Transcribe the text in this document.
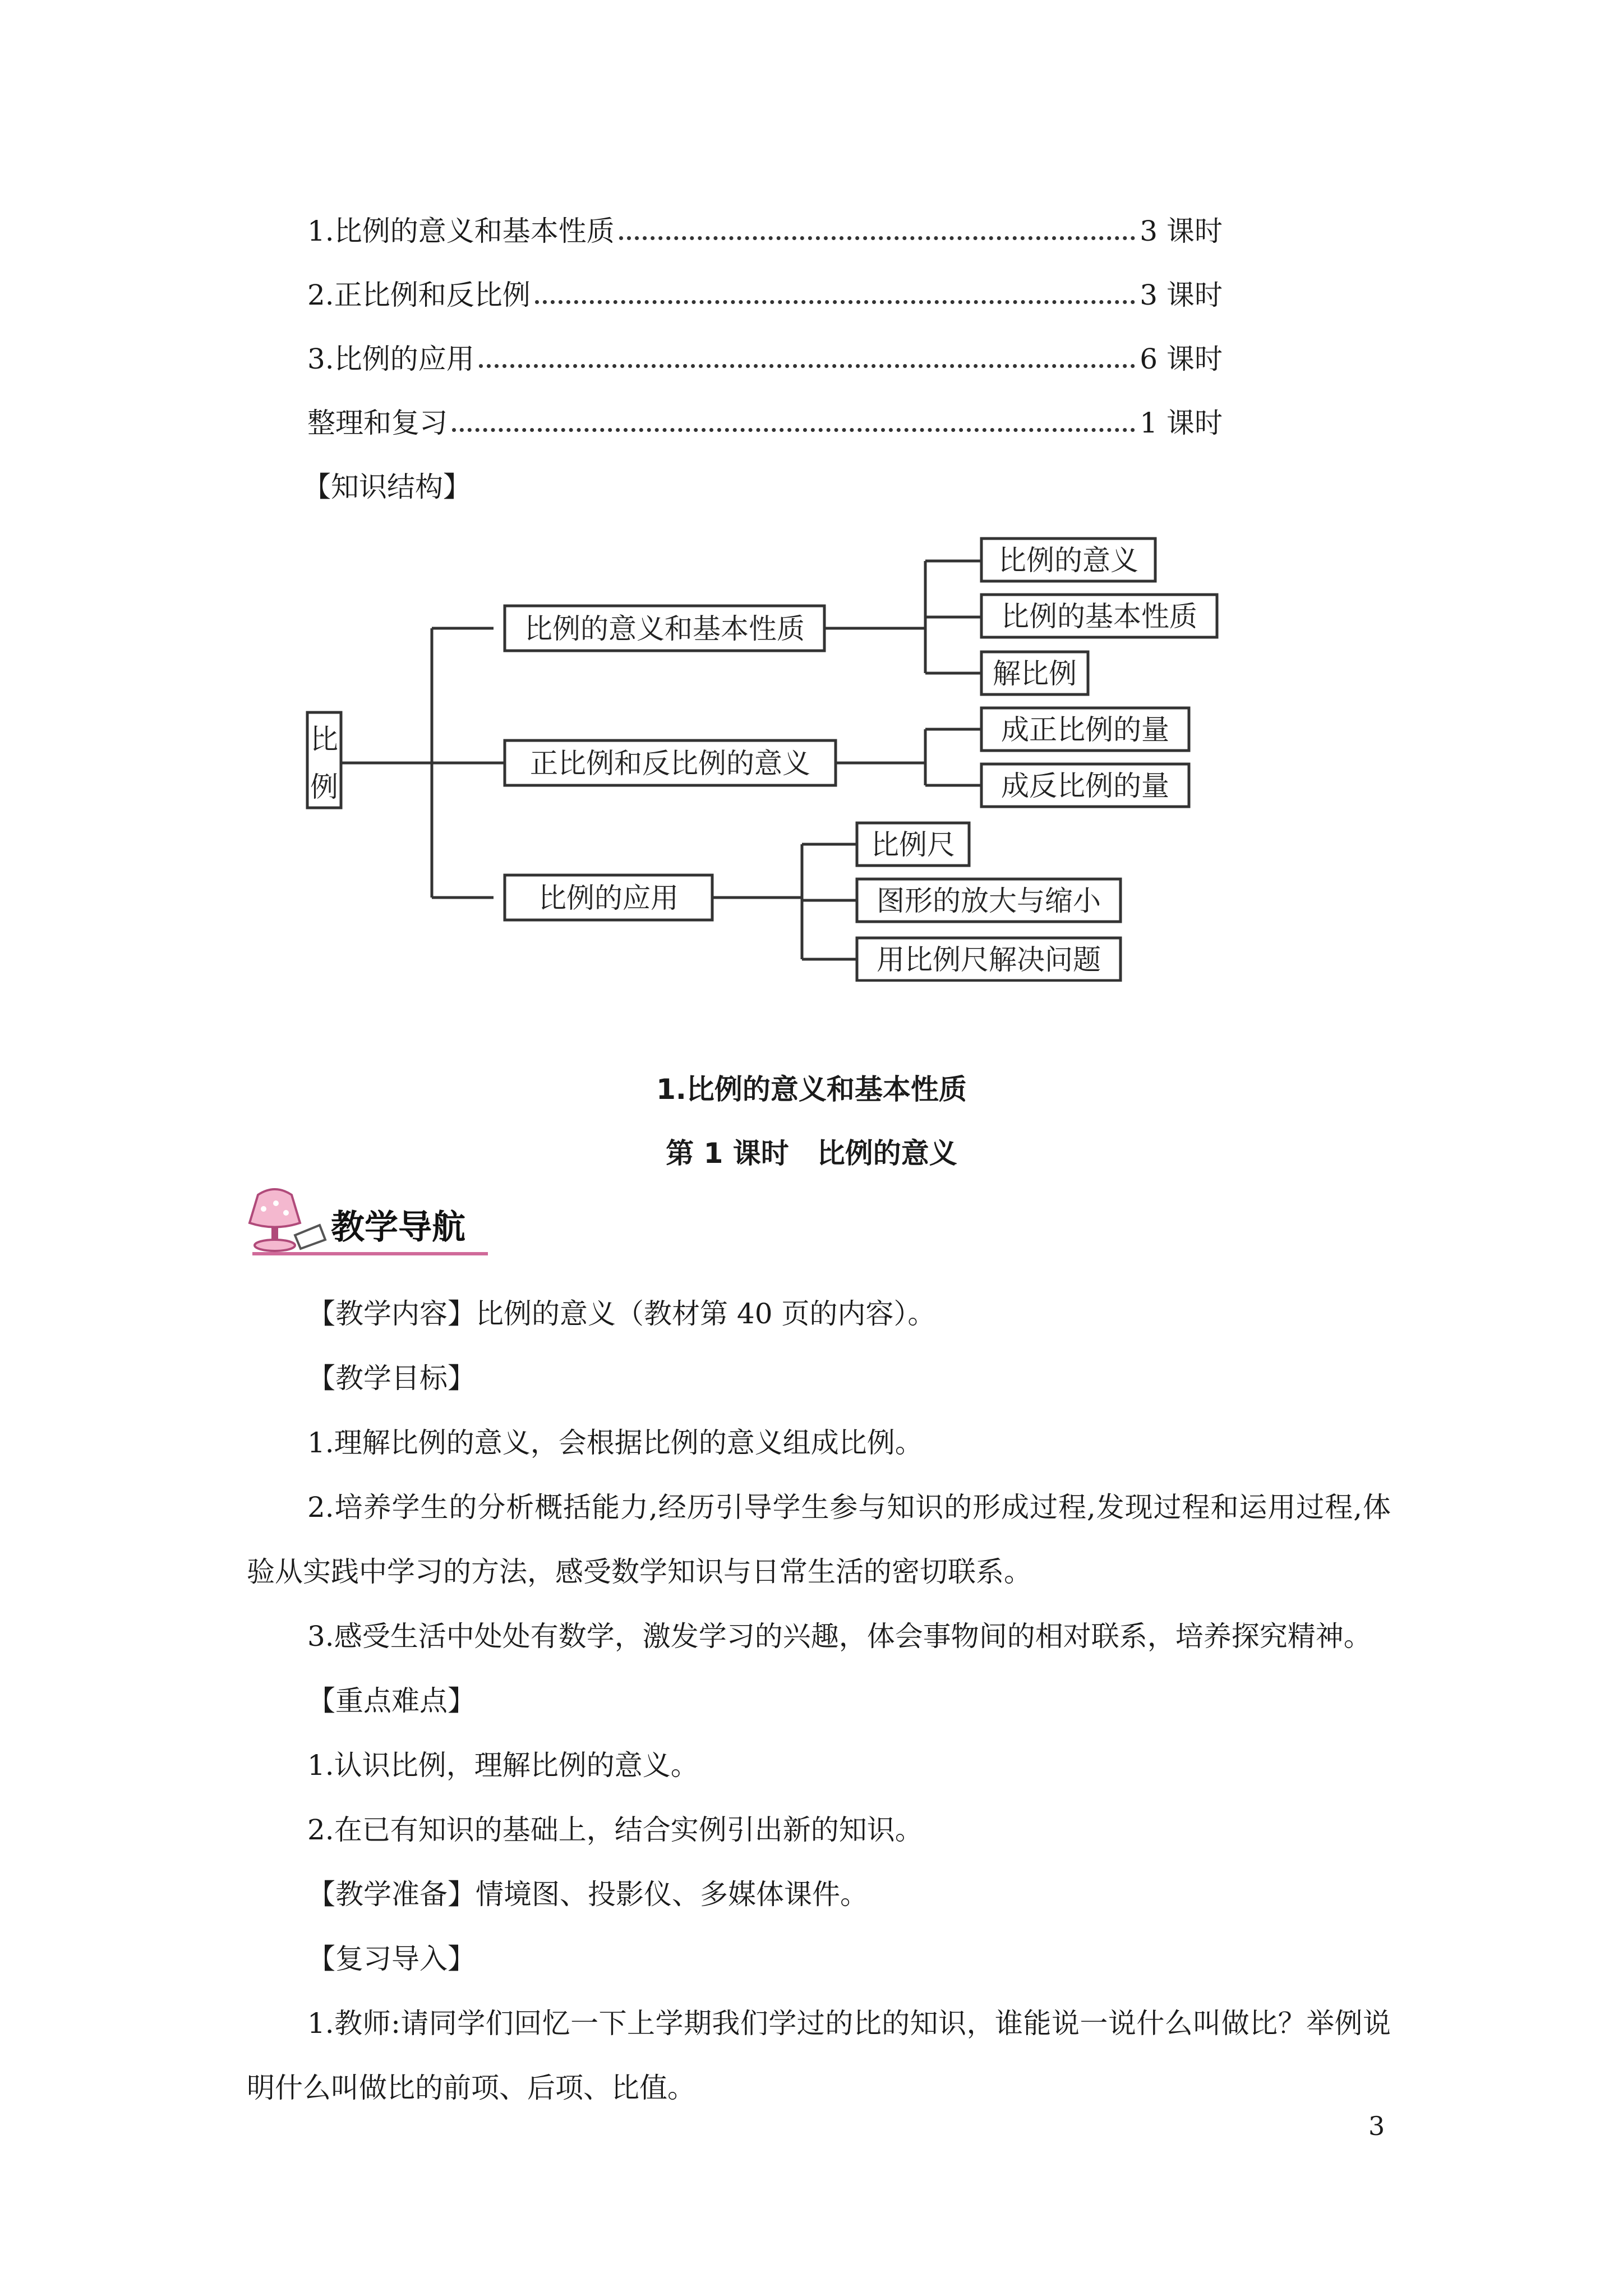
1.比例的意义和基本性质	3 课时
2.正比例和反比例	3 课时
3.比例的应用	6 课时
整理和复习	1 课时
【知识结构】
比
例
比例的意义和基本性质
正比例和反比例的意义
比例的应用
比例的意义
比例的基本性质
解比例
成正比例的量
成反比例的量
比例尺
图形的放大与缩小
用比例尺解决问题
1.比例的意义和基本性质
第 1 课时　比例的意义
教学导航
【教学内容】比例的意义（教材第 40 页的内容）。
【教学目标】
1.理解比例的意义，会根据比例的意义组成比例。
2.培养学生的分析概括能力,经历引导学生参与知识的形成过程,发现过程和运用过程,体验从实践中学习的方法，感受数学知识与日常生活的密切联系。
3.感受生活中处处有数学，激发学习的兴趣，体会事物间的相对联系，培养探究精神。
【重点难点】
1.认识比例，理解比例的意义。
2.在已有知识的基础上，结合实例引出新的知识。
【教学准备】情境图、投影仪、多媒体课件。
【复习导入】
1.教师:请同学们回忆一下上学期我们学过的比的知识，谁能说一说什么叫做比？举例说明什么叫做比的前项、后项、比值。
3
